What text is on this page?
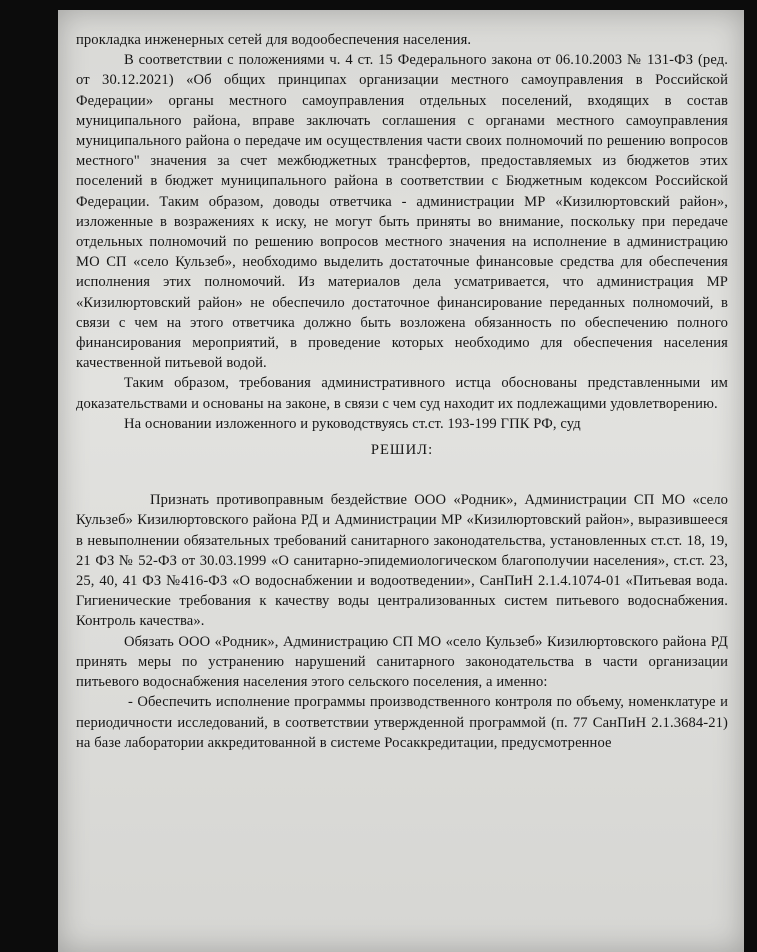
прокладка инженерных сетей для водообеспечения населения.

В соответствии с положениями ч. 4 ст. 15 Федерального закона от 06.10.2003 № 131-ФЗ (ред. от 30.12.2021) «Об общих принципах организации местного самоуправления в Российской Федерации» органы местного самоуправления отдельных поселений, входящих в состав муниципального района, вправе заключать соглашения с органами местного самоуправления муниципального района о передаче им осуществления части своих полномочий по решению вопросов местного" значения за счет межбюджетных трансфертов, предоставляемых из бюджетов этих поселений в бюджет муниципального района в соответствии с Бюджетным кодексом Российской Федерации. Таким образом, доводы ответчика - администрации МР «Кизилюртовский район», изложенные в возражениях к иску, не могут быть приняты во внимание, поскольку при передаче отдельных полномочий по решению вопросов местного значения на исполнение в администрацию МО СП «село Кульзеб», необходимо выделить достаточные финансовые средства для обеспечения исполнения этих полномочий. Из материалов дела усматривается, что администрация МР «Кизилюртовский район» не обеспечило достаточное финансирование переданных полномочий, в связи с чем на этого ответчика должно быть возложена обязанность по обеспечению полного финансирования мероприятий, в проведение которых необходимо для обеспечения населения качественной питьевой водой.

Таким образом, требования административного истца обоснованы представленными им доказательствами и основаны на законе, в связи с чем суд находит их подлежащими удовлетворению.

На основании изложенного и руководствуясь ст.ст. 193-199 ГПК РФ, суд

РЕШИЛ:

Признать противоправным бездействие ООО «Родник», Администрации СП МО «село Кульзеб» Кизилюртовского района РД и Администрации МР «Кизилюртовский район», выразившееся в невыполнении обязательных требований санитарного законодательства, установленных ст.ст. 18, 19, 21 ФЗ № 52-ФЗ от 30.03.1999 «О санитарно-эпидемиологическом благополучии населения», ст.ст. 23, 25, 40, 41 ФЗ №416-ФЗ «О водоснабжении и водоотведении», СанПиН 2.1.4.1074-01 «Питьевая вода. Гигиенические требования к качеству воды централизованных систем питьевого водоснабжения. Контроль качества».

Обязать ООО «Родник», Администрацию СП МО «село Кульзеб» Кизилюртовского района РД принять меры по устранению нарушений санитарного законодательства в части организации питьевого водоснабжения населения этого сельского поселения, а именно:

- Обеспечить исполнение программы производственного контроля по объему, номенклатуре и периодичности исследований, в соответствии утвержденной программой (п. 77 СанПиН 2.1.3684-21) на базе лаборатории аккредитованной в системе Росаккредитации, предусмотренное
